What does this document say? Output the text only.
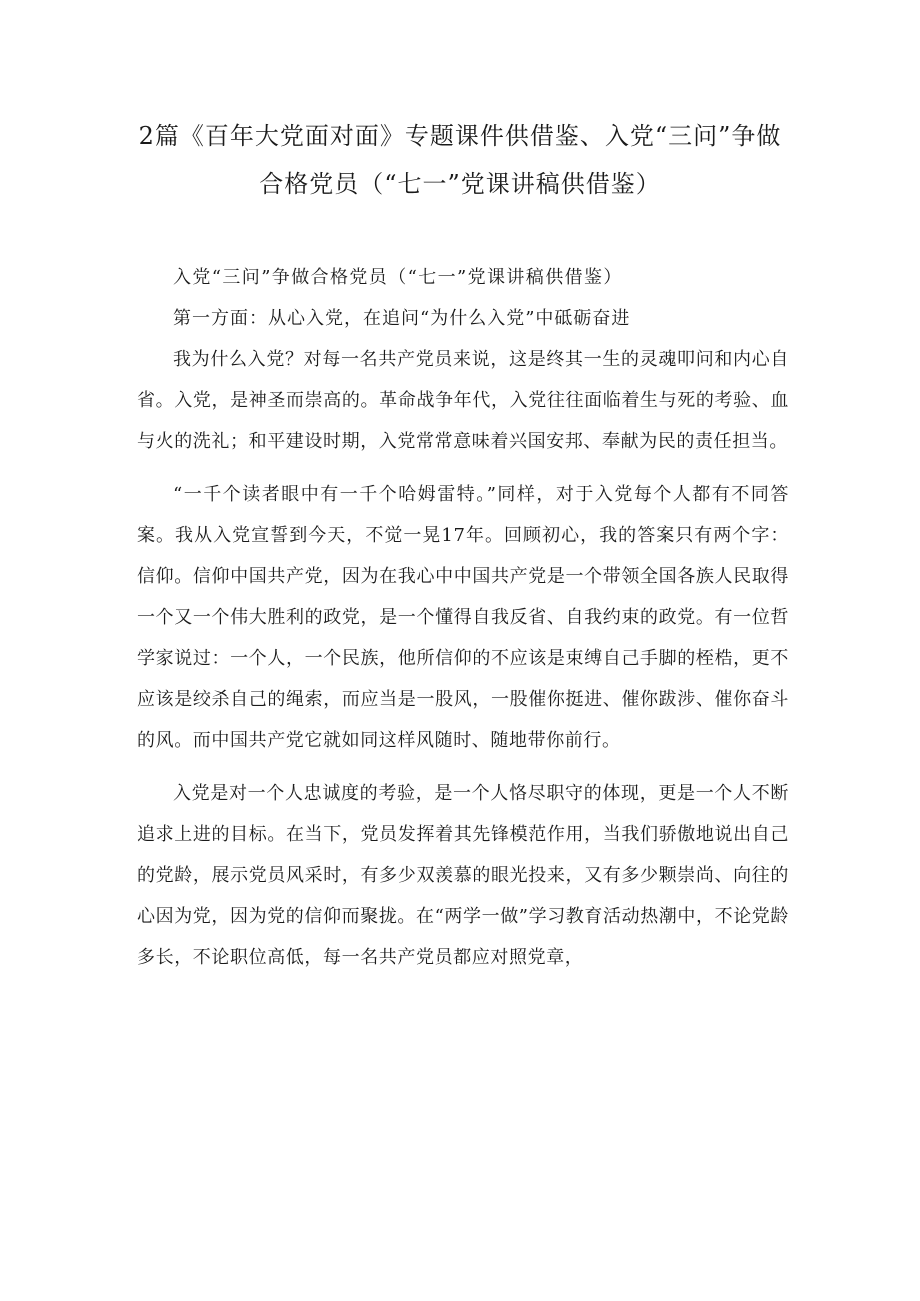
2篇《百年大党面对面》专题课件供借鉴、入党“三问”争做合格党员（“七一”党课讲稿供借鉴）

入党“三问”争做合格党员（“七一”党课讲稿供借鉴）

第一方面：从心入党，在追问“为什么入党”中砥砺奋进

我为什么入党？对每一名共产党员来说，这是终其一生的灵魂叩问和内心自省。入党，是神圣而崇高的。革命战争年代，入党往往面临着生与死的考验、血与火的洗礼；和平建设时期，入党常常意味着兴国安邦、奉献为民的责任担当。

“一千个读者眼中有一千个哈姆雷特。”同样，对于入党每个人都有不同答案。我从入党宣誓到今天，不觉一晃17年。回顾初心，我的答案只有两个字：信仰。信仰中国共产党，因为在我心中中国共产党是一个带领全国各族人民取得一个又一个伟大胜利的政党，是一个懂得自我反省、自我约束的政党。有一位哲学家说过：一个人，一个民族，他所信仰的不应该是束缚自己手脚的桎梏，更不应该是绞杀自己的绳索，而应当是一股风，一股催你挺进、催你跋涉、催你奋斗的风。而中国共产党它就如同这样风随时、随地带你前行。

入党是对一个人忠诚度的考验，是一个人恪尽职守的体现，更是一个人不断追求上进的目标。在当下，党员发挥着其先锋模范作用，当我们骄傲地说出自己的党龄，展示党员风采时，有多少双羡慕的眼光投来，又有多少颗崇尚、向往的心因为党，因为党的信仰而聚拢。在“两学一做”学习教育活动热潮中，不论党龄多长，不论职位高低，每一名共产党员都应对照党章，
